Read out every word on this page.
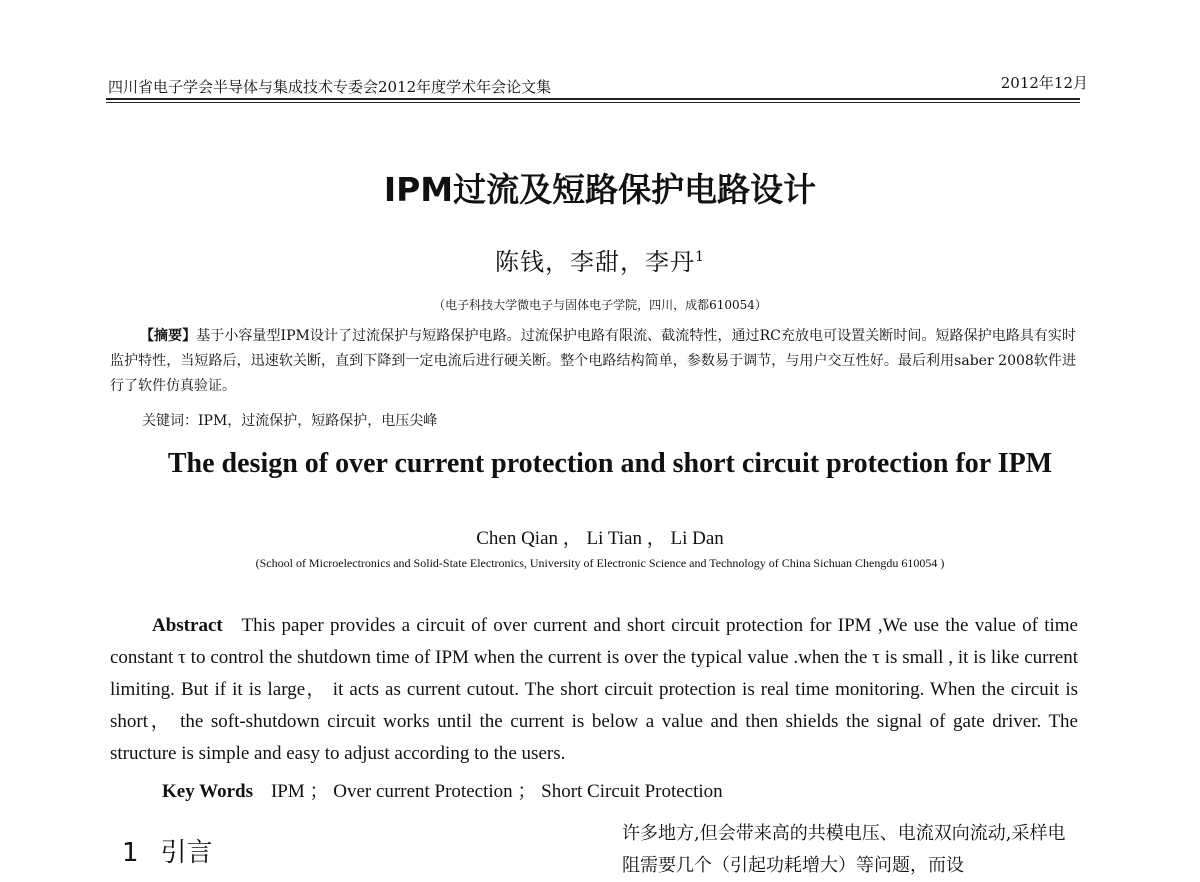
四川省电子学会半导体与集成技术专委会2012年度学术年会论文集	2012年12月
IPM过流及短路保护电路设计
陈钱，李甜，李丹$^1$
（电子科技大学微电子与固体电子学院，四川，成都610054）
【摘要】基于小容量型IPM设计了过流保护与短路保护电路。过流保护电路有限流、截流特性，通过RC充放电可设置关断时间。短路保护电路具有实时监护特性，当短路后，迅速软关断，直到下降到一定电流后进行硬关断。整个电路结构简单，参数易于调节，与用户交互性好。最后利用saber 2008软件进行了软件仿真验证。
关键词：IPM，过流保护，短路保护，电压尖峰
The design of over current protection and short circuit protection for IPM
Chen Qian ， Li Tian ， Li Dan
(School of Microelectronics and Solid-State Electronics, University of Electronic Science and Technology of China Sichuan Chengdu 610054 )
Abstract This paper provides a circuit of over current and short circuit protection for IPM ,We use the value of time constant τ to control the shutdown time of IPM when the current is over the typical value .when the τ is small , it is like current limiting. But if it is large， it acts as current cutout. The short circuit protection is real time monitoring. When the circuit is short， the soft-shutdown circuit works until the current is below a value and then shields the signal of gate driver. The structure is simple and easy to adjust according to the users.
Key Words IPM ； Over current Protection ； Short Circuit Protection
1 引言
许多地方,但会带来高的共模电压、电流双向流动,采样电阻需要几个（引起功耗增大）等问题，而设
